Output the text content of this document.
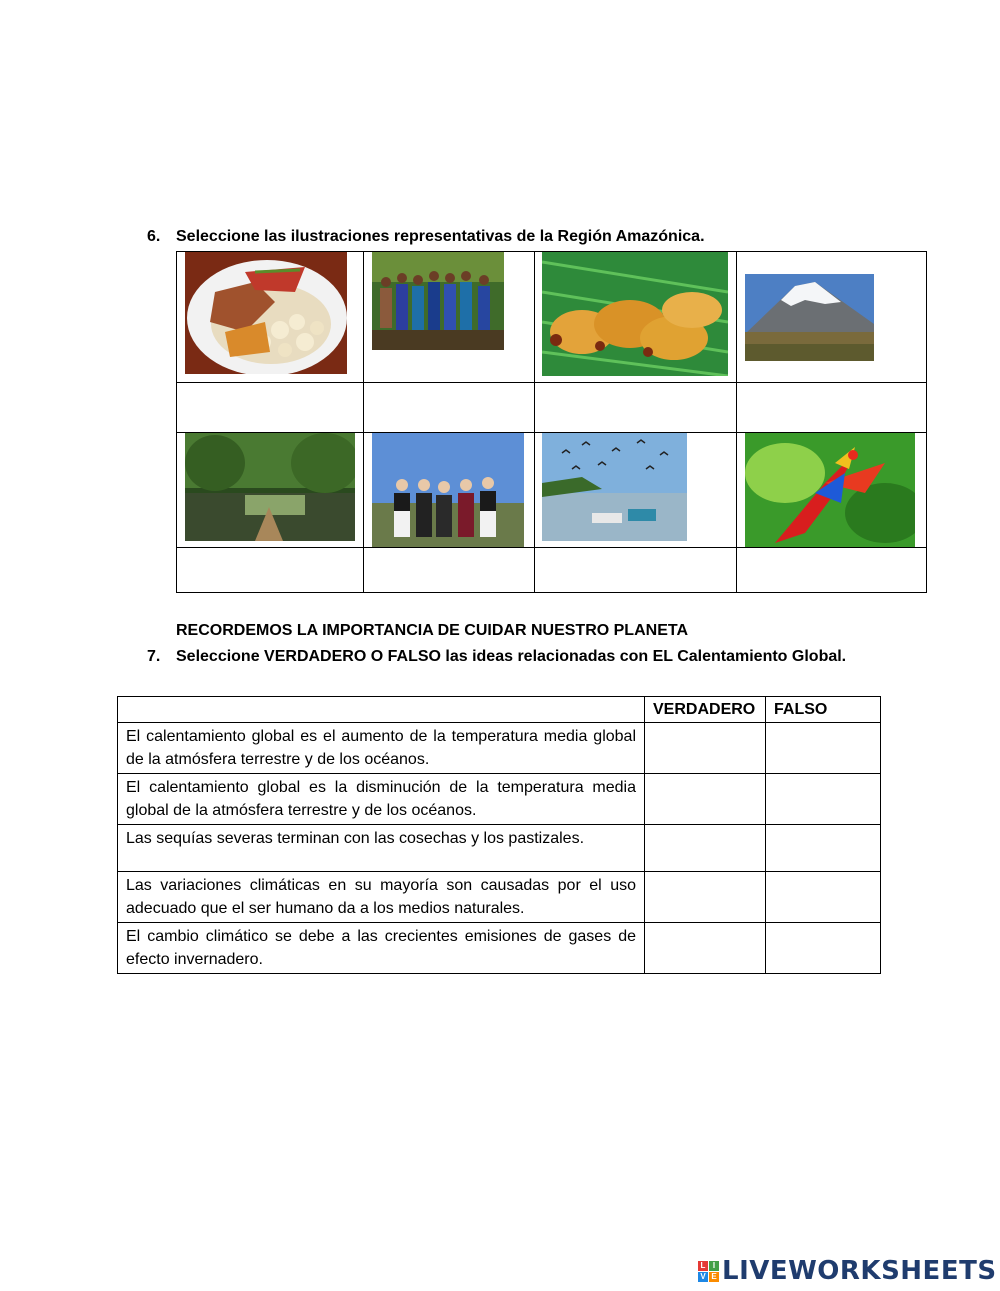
6. Seleccione las ilustraciones representativas de la Región Amazónica.

RECORDEMOS LA IMPORTANCIA DE CUIDAR NUESTRO PLANETA
7. Seleccione VERDADERO O FALSO las ideas relacionadas con EL Calentamiento Global.
	VERDADERO	FALSO
El calentamiento global es el aumento de la temperatura media global de la atmósfera terrestre y de los océanos.		
El calentamiento global es la disminución de la temperatura media global de la atmósfera terrestre y de los océanos.		
Las sequías severas terminan con las cosechas y los pastizales.		
Las variaciones climáticas en su mayoría son causadas por el uso adecuado que el ser humano da a los medios naturales.		
El cambio climático se debe a las crecientes emisiones de gases de efecto invernadero.		
L I
V E LIVEWORKSHEETS
